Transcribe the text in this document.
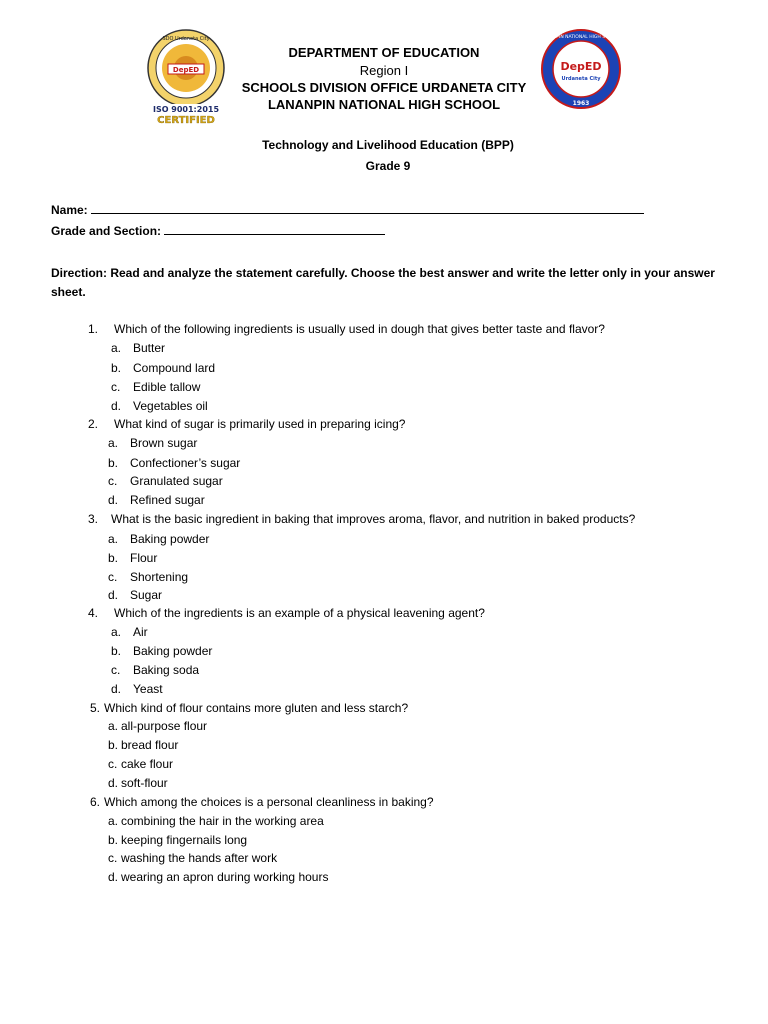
DepED
SDO Urdaneta City
ISO 9001:2015
CERTIFIED
LANANPIN NATIONAL HIGH SCHOOL
DepED
Urdaneta City
1963
DEPARTMENT OF EDUCATION
Region I
SCHOOLS DIVISION OFFICE URDANETA CITY
LANANPIN NATIONAL HIGH SCHOOL
Technology and Livelihood Education (BPP)
Grade 9
Name:
Grade and Section:
Direction: Read and analyze the statement carefully. Choose the best answer and write the letter only in your answer sheet.
1. Which of the following ingredients is usually used in dough that gives better taste and flavor?
a. Butter
b. Compound lard
c. Edible tallow
d. Vegetables oil
2. What kind of sugar is primarily used in preparing icing?
a. Brown sugar
b. Confectioner’s sugar
c. Granulated sugar
d. Refined sugar
3. What is the basic ingredient in baking that improves aroma, flavor, and nutrition in baked products?
a. Baking powder
b. Flour
c. Shortening
d. Sugar
4. Which of the ingredients is an example of a physical leavening agent?
a. Air
b. Baking powder
c. Baking soda
d. Yeast
5. Which kind of flour contains more gluten and less starch?
a. all-purpose flour
b. bread flour
c. cake flour
d. soft-flour
6. Which among the choices is a personal cleanliness in baking?
a. combining the hair in the working area
b. keeping fingernails long
c. washing the hands after work
d. wearing an apron during working hours
